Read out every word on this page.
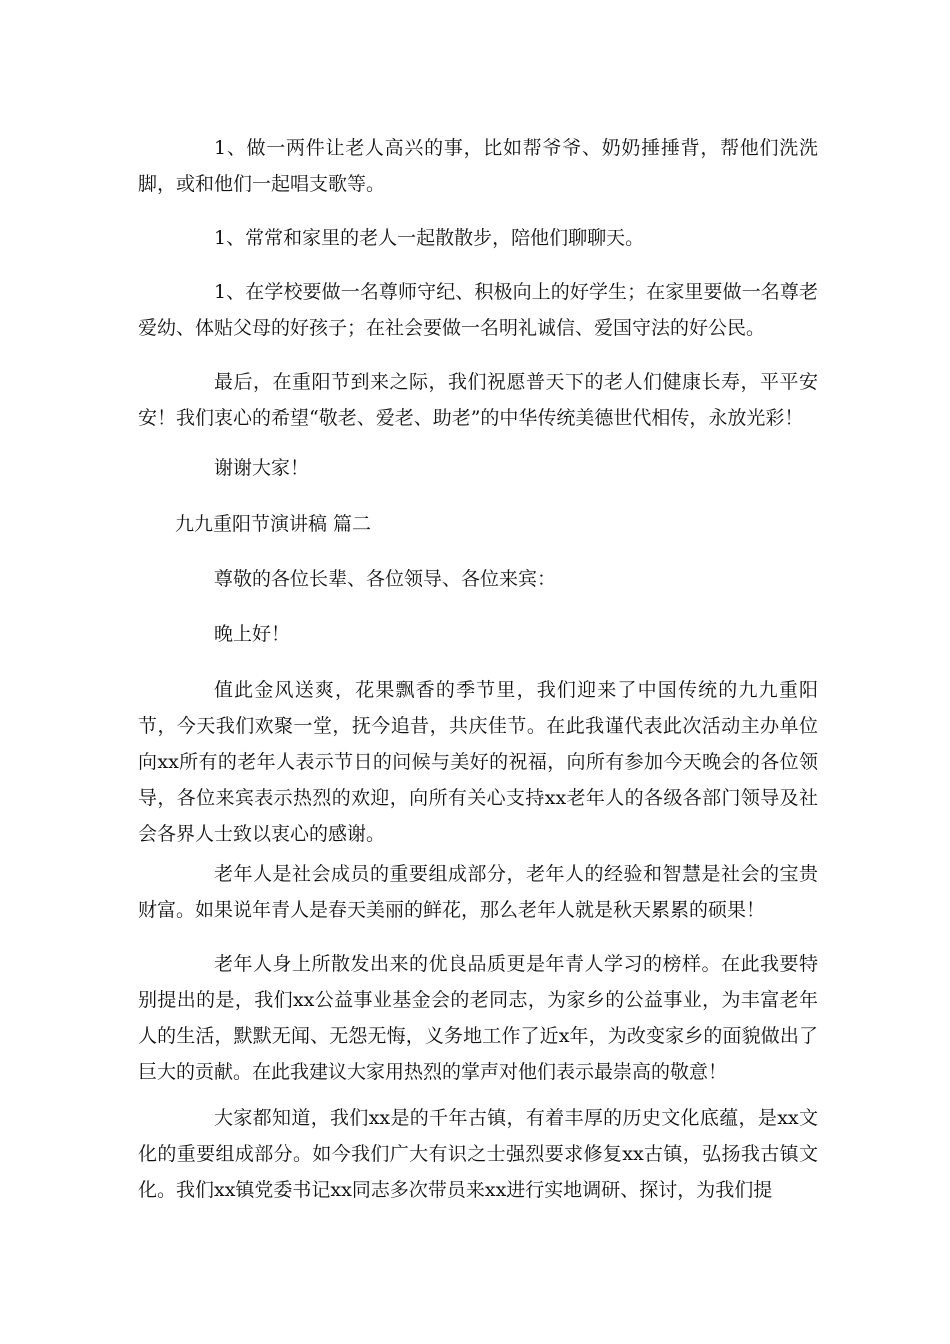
1、做一两件让老人高兴的事，比如帮爷爷、奶奶捶捶背，帮他们洗洗脚，或和他们一起唱支歌等。

1、常常和家里的老人一起散散步，陪他们聊聊天。

1、在学校要做一名尊师守纪、积极向上的好学生；在家里要做一名尊老爱幼、体贴父母的好孩子；在社会要做一名明礼诚信、爱国守法的好公民。

最后，在重阳节到来之际，我们祝愿普天下的老人们健康长寿，平平安安！我们衷心的希望“敬老、爱老、助老”的中华传统美德世代相传，永放光彩！

谢谢大家！

九九重阳节演讲稿 篇二

尊敬的各位长辈、各位领导、各位来宾：

晚上好！

值此金风送爽，花果飘香的季节里，我们迎来了中国传统的九九重阳节，今天我们欢聚一堂，抚今追昔，共庆佳节。在此我谨代表此次活动主办单位向xx所有的老年人表示节日的问候与美好的祝福，向所有参加今天晚会的各位领导，各位来宾表示热烈的欢迎，向所有关心支持xx老年人的各级各部门领导及社会各界人士致以衷心的感谢。

老年人是社会成员的重要组成部分，老年人的经验和智慧是社会的宝贵财富。如果说年青人是春天美丽的鲜花，那么老年人就是秋天累累的硕果！

老年人身上所散发出来的优良品质更是年青人学习的榜样。在此我要特别提出的是，我们xx公益事业基金会的老同志，为家乡的公益事业，为丰富老年人的生活，默默无闻、无怨无悔，义务地工作了近x年，为改变家乡的面貌做出了巨大的贡献。在此我建议大家用热烈的掌声对他们表示最崇高的敬意！

大家都知道，我们xx是的千年古镇，有着丰厚的历史文化底蕴，是xx文化的重要组成部分。如今我们广大有识之士强烈要求修复xx古镇，弘扬我古镇文化。我们xx镇党委书记xx同志多次带员来xx进行实地调研、探讨，为我们提
